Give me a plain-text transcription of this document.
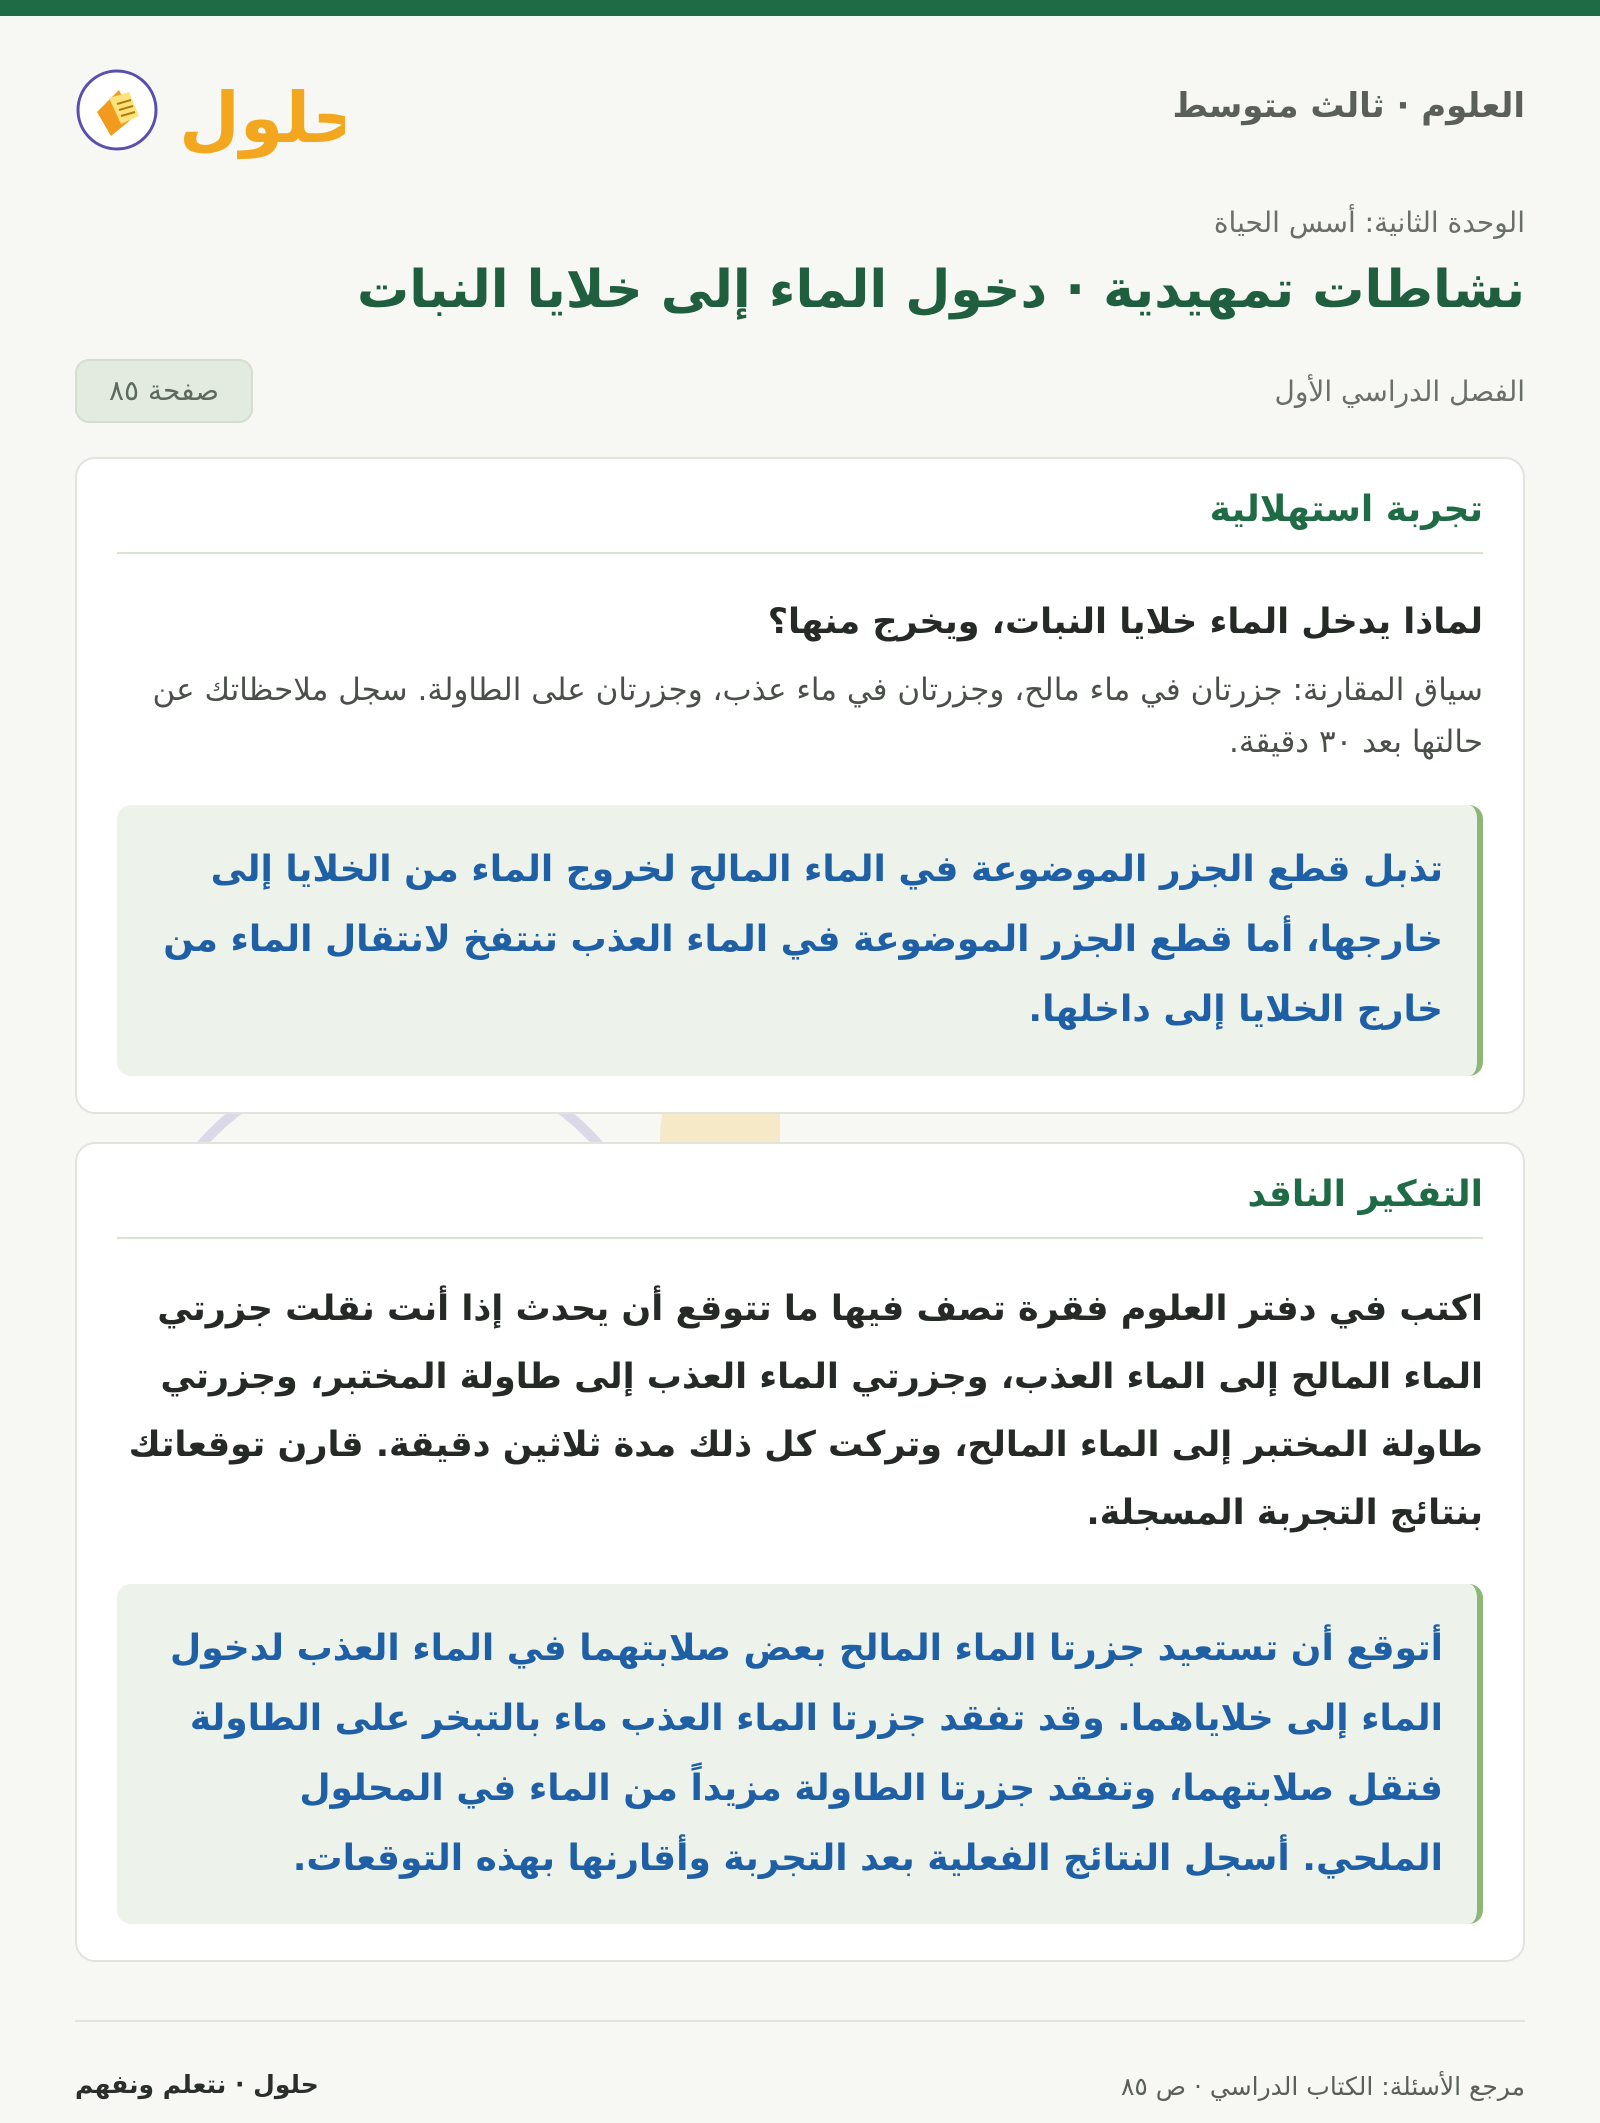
العلوم · ثالث متوسط
حلول
الوحدة الثانية: أسس الحياة
نشاطات تمهيدية · دخول الماء إلى خلايا النبات
الفصل الدراسي الأول
صفحة ٨٥
تجربة استهلالية

لماذا يدخل الماء خلايا النبات، ويخرج منها؟

سياق المقارنة: جزرتان في ماء مالح، وجزرتان في ماء عذب، وجزرتان على الطاولة. سجل ملاحظاتك عن حالتها بعد ٣٠ دقيقة.

تذبل قطع الجزر الموضوعة في الماء المالح لخروج الماء من الخلايا إلى خارجها، أما قطع الجزر الموضوعة في الماء العذب تنتفخ لانتقال الماء من خارج الخلايا إلى داخلها.
التفكير الناقد

اكتب في دفتر العلوم فقرة تصف فيها ما تتوقع أن يحدث إذا أنت نقلت جزرتي الماء المالح إلى الماء العذب، وجزرتي الماء العذب إلى طاولة المختبر، وجزرتي طاولة المختبر إلى الماء المالح، وتركت كل ذلك مدة ثلاثين دقيقة. قارن توقعاتك بنتائج التجربة المسجلة.

أتوقع أن تستعيد جزرتا الماء المالح بعض صلابتهما في الماء العذب لدخول الماء إلى خلاياهما. وقد تفقد جزرتا الماء العذب ماء بالتبخر على الطاولة فتقل صلابتهما، وتفقد جزرتا الطاولة مزيداً من الماء في المحلول الملحي. أسجل النتائج الفعلية بعد التجربة وأقارنها بهذه التوقعات.
مرجع الأسئلة: الكتاب الدراسي · ص ٨٥
حلول · نتعلم ونفهم
